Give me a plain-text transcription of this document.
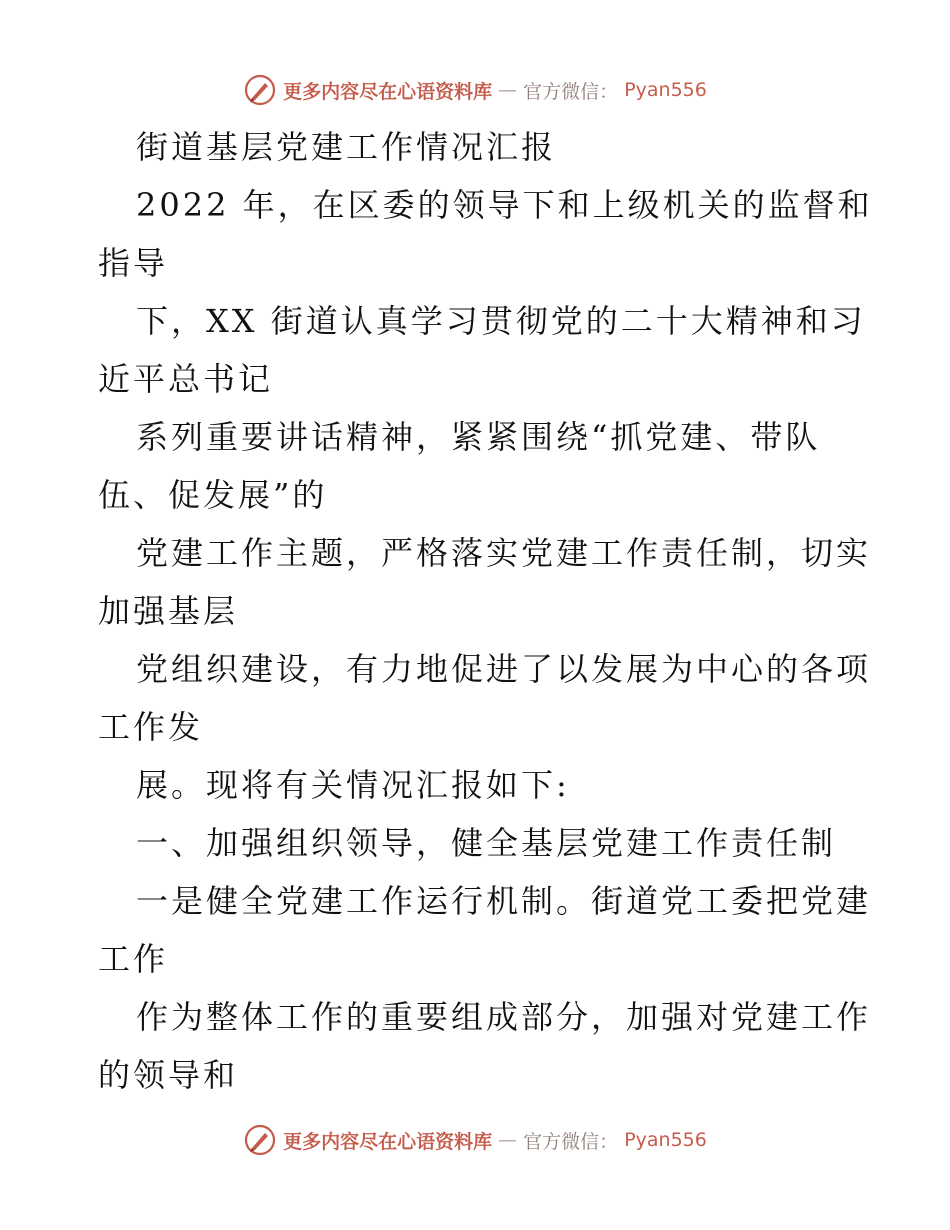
更多内容尽在心语资料库 — 官方微信： Pyan556
街道基层党建工作情况汇报
2022 年，在区委的领导下和上级机关的监督和
指导
下，XX 街道认真学习贯彻党的二十大精神和习
近平总书记
系列重要讲话精神，紧紧围绕“抓党建、带队
伍、促发展”的
党建工作主题，严格落实党建工作责任制，切实
加强基层
党组织建设，有力地促进了以发展为中心的各项
工作发
展。现将有关情况汇报如下:
一、加强组织领导，健全基层党建工作责任制
一是健全党建工作运行机制。街道党工委把党建
工作
作为整体工作的重要组成部分，加强对党建工作
的领导和
更多内容尽在心语资料库 — 官方微信： Pyan556
